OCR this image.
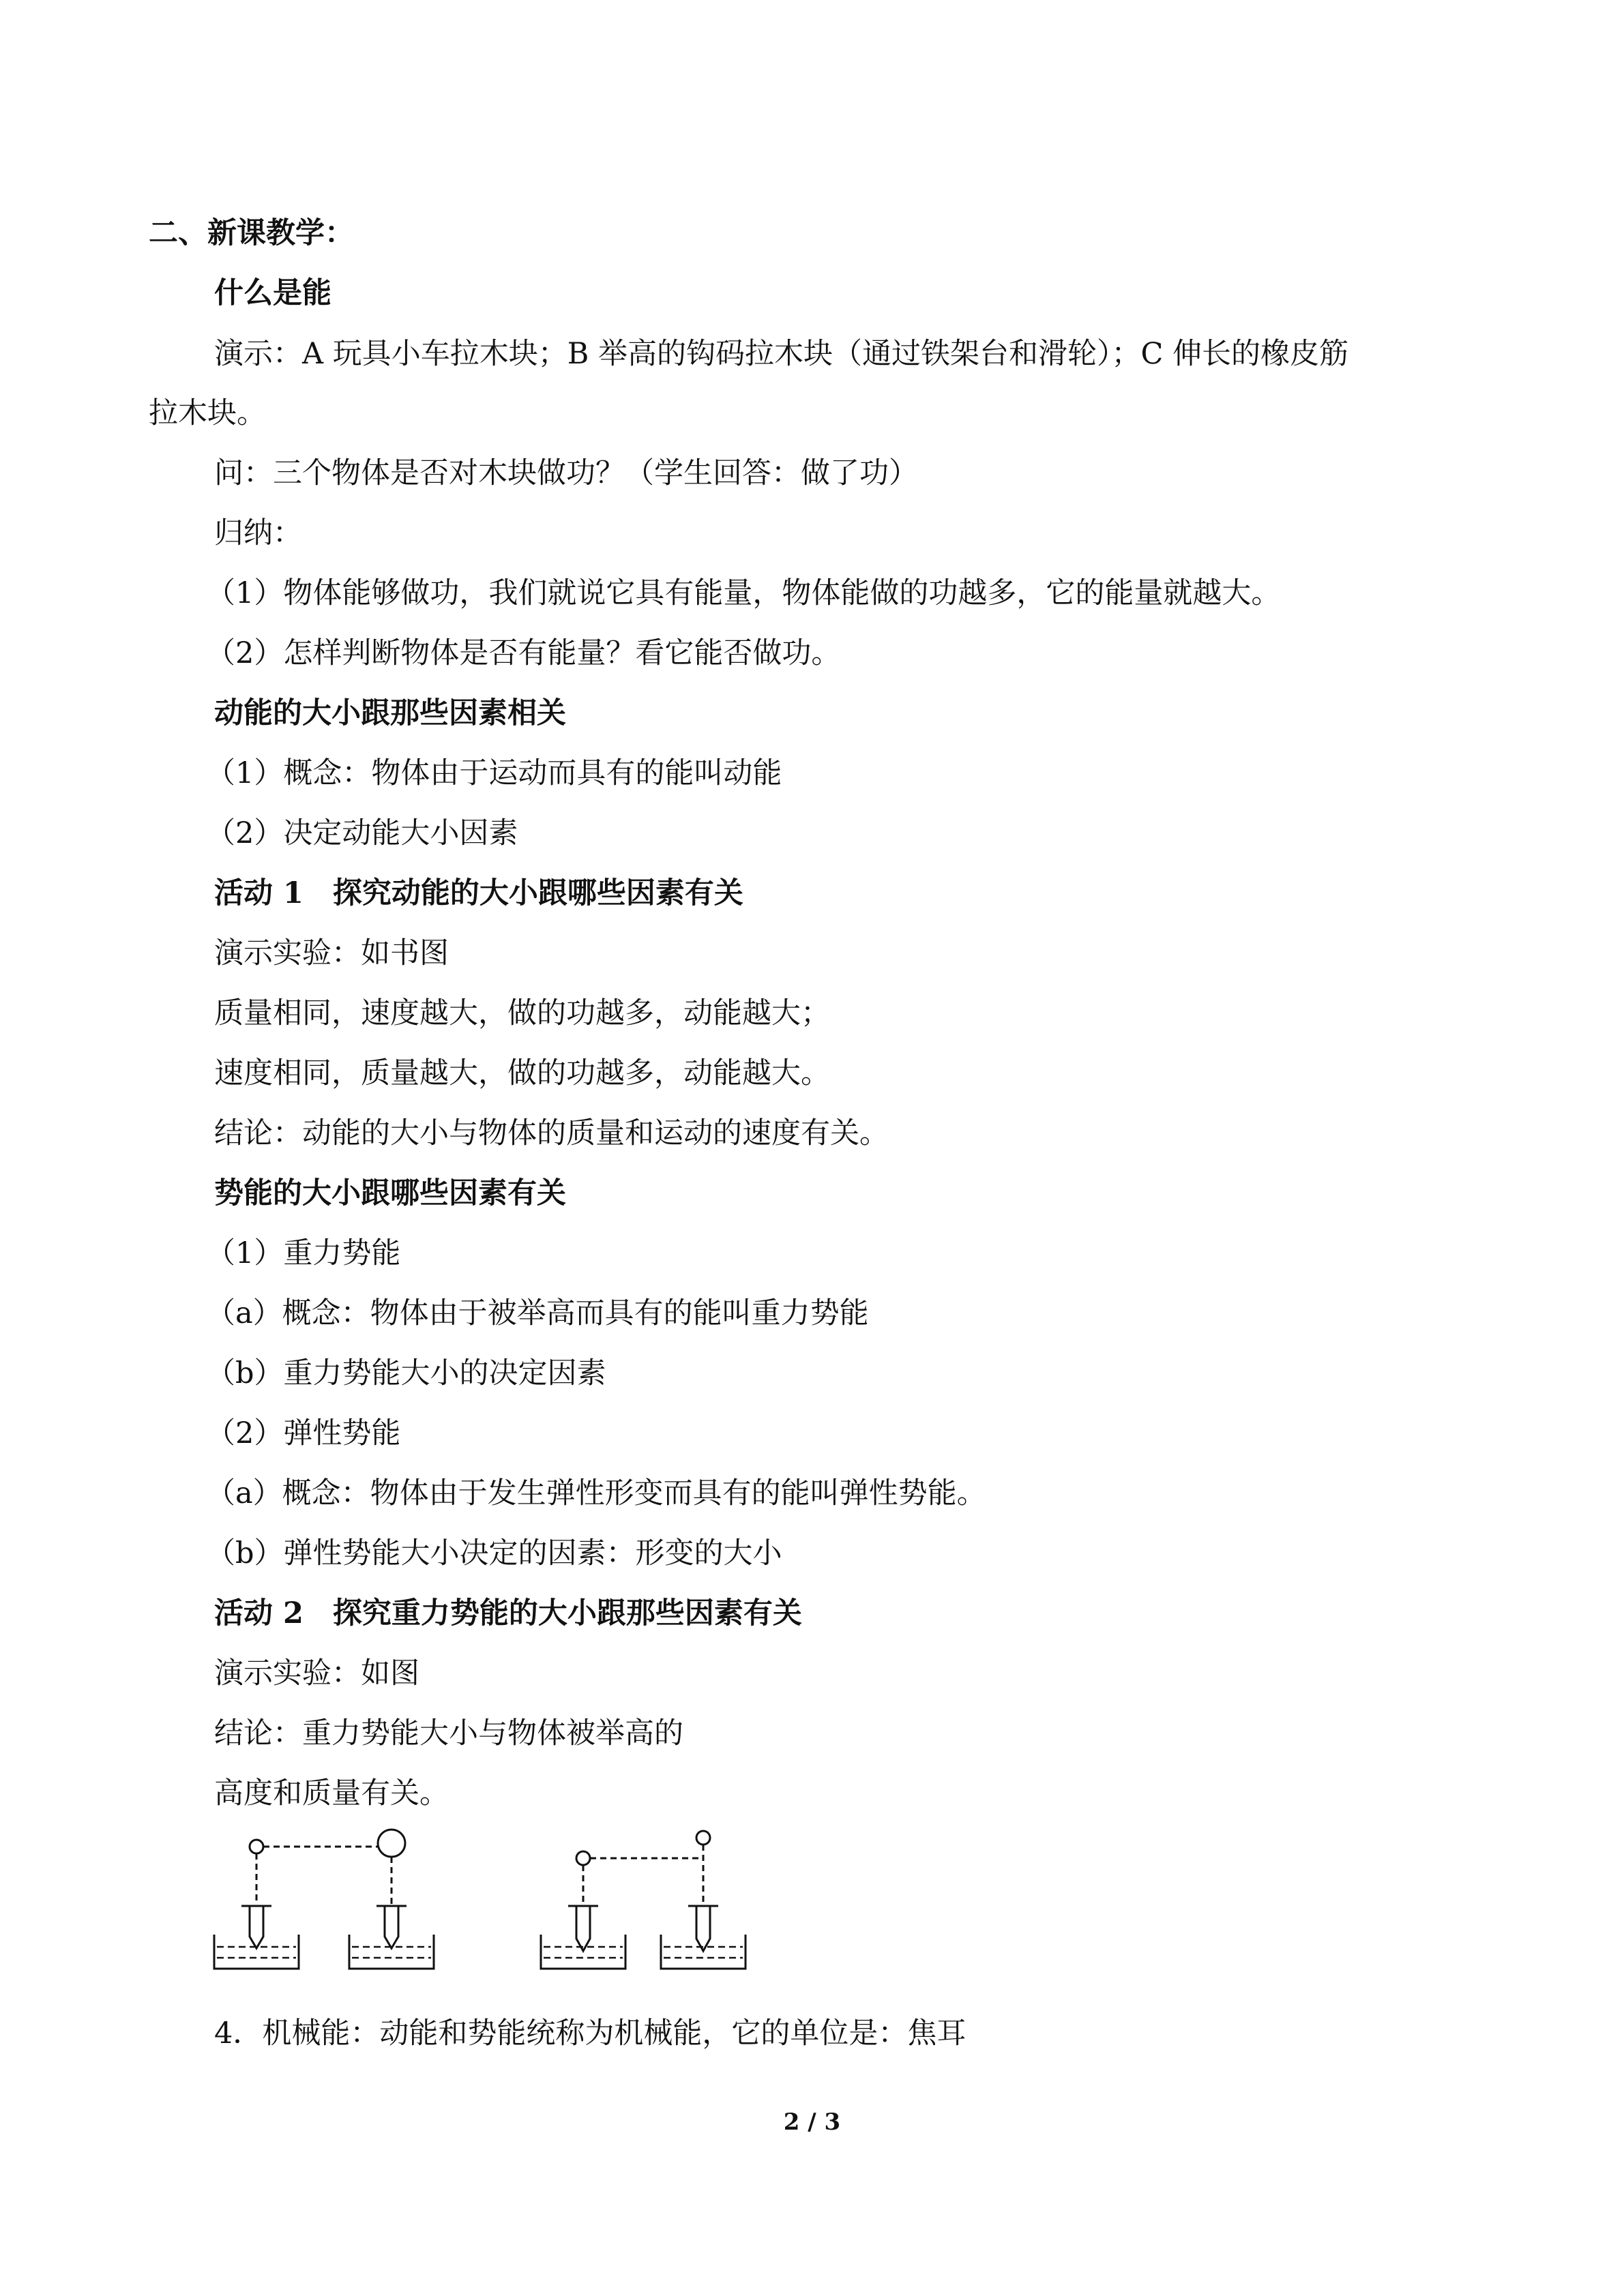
二、新课教学：
什么是能
演示：A 玩具小车拉木块；B 举高的钩码拉木块（通过铁架台和滑轮）；C 伸长的橡皮筋
拉木块。
问：三个物体是否对木块做功？（学生回答：做了功）
归纳：
（1）物体能够做功，我们就说它具有能量，物体能做的功越多，它的能量就越大。
（2）怎样判断物体是否有能量？看它能否做功。
动能的大小跟那些因素相关
（1）概念：物体由于运动而具有的能叫动能
（2）决定动能大小因素
活动 1　探究动能的大小跟哪些因素有关
演示实验：如书图
质量相同，速度越大，做的功越多，动能越大；
速度相同，质量越大，做的功越多，动能越大。
结论：动能的大小与物体的质量和运动的速度有关。
势能的大小跟哪些因素有关
（1）重力势能
（a）概念：物体由于被举高而具有的能叫重力势能
（b）重力势能大小的决定因素
（2）弹性势能
（a）概念：物体由于发生弹性形变而具有的能叫弹性势能。
（b）弹性势能大小决定的因素：形变的大小
活动 2　探究重力势能的大小跟那些因素有关
演示实验：如图
结论：重力势能大小与物体被举高的
高度和质量有关。
4．机械能：动能和势能统称为机械能，它的单位是：焦耳
2 / 3
